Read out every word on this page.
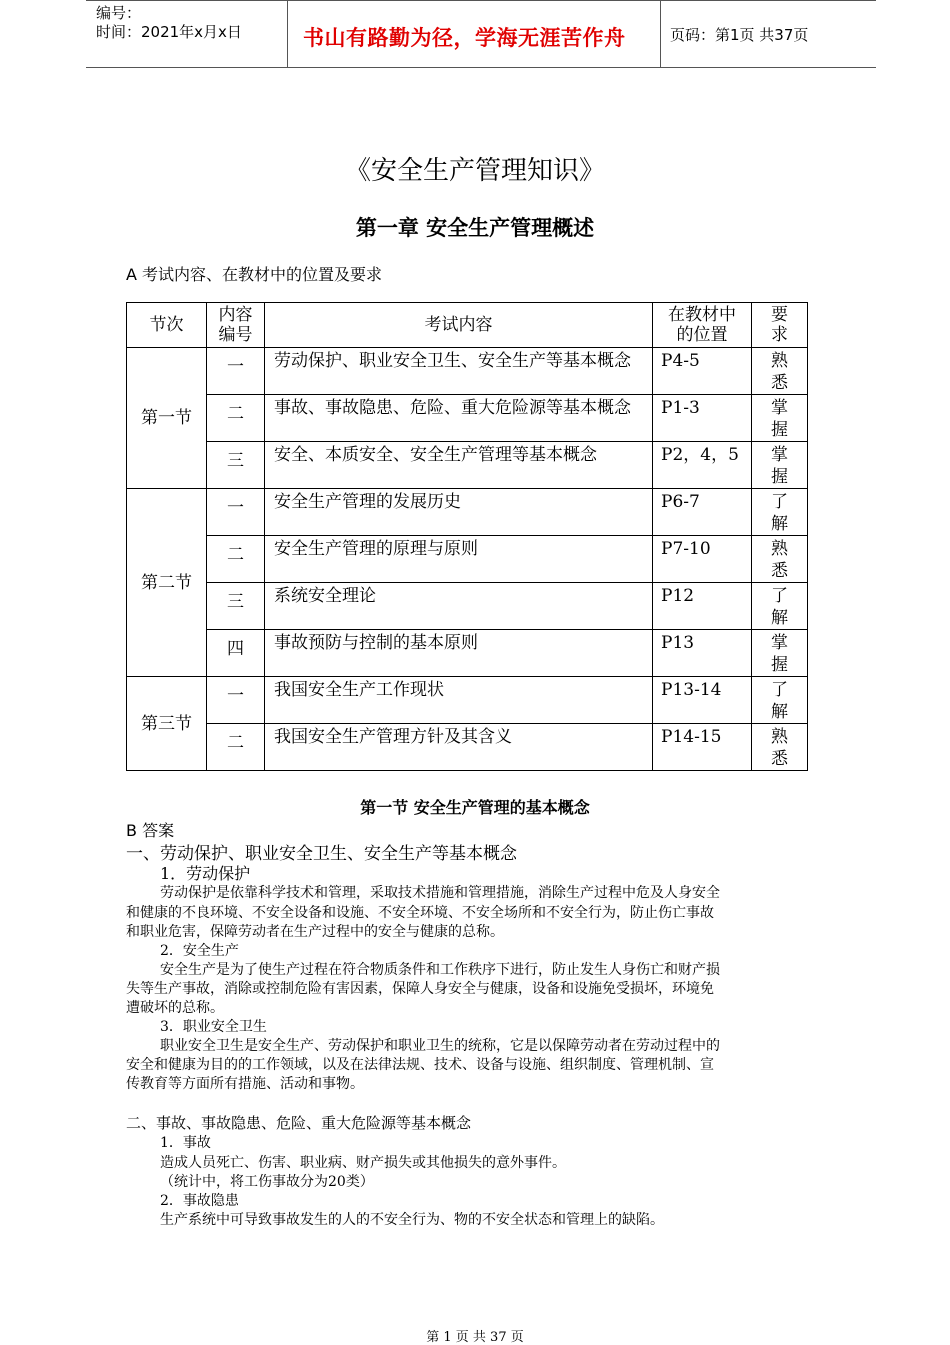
编号：
时间：2021年x月x日	书山有路勤为径，学海无涯苦作舟	页码：第1页 共37页
《安全生产管理知识》
第一章 安全生产管理概述
A 考试内容、在教材中的位置及要求
节次	内容编号	考试内容	在教材中的位置	要求

第一节	一	劳动保护、职业安全卫生、安全生产等基本概念	P4-5	熟悉

	二	事故、事故隐患、危险、重大危险源等基本概念	P1-3	掌握

	三	安全、本质安全、安全生产管理等基本概念	P2，4，5	掌握

第二节	一	安全生产管理的发展历史	P6-7	了解

	二	安全生产管理的原理与原则	P7-10	熟悉

	三	系统安全理论	P12	了解

	四	事故预防与控制的基本原则	P13	掌握

第三节	一	我国安全生产工作现状	P13-14	了解

	二	我国安全生产管理方针及其含义	P14-15	熟悉
第一节 安全生产管理的基本概念
B 答案
一、劳动保护、职业安全卫生、安全生产等基本概念
1．劳动保护
劳动保护是依靠科学技术和管理，采取技术措施和管理措施，消除生产过程中危及人身安全
和健康的不良环境、不安全设备和设施、不安全环境、不安全场所和不安全行为，防止伤亡事故
和职业危害，保障劳动者在生产过程中的安全与健康的总称。
2．安全生产
安全生产是为了使生产过程在符合物质条件和工作秩序下进行，防止发生人身伤亡和财产损
失等生产事故，消除或控制危险有害因素，保障人身安全与健康，设备和设施免受损坏，环境免
遭破坏的总称。
3．职业安全卫生
职业安全卫生是安全生产、劳动保护和职业卫生的统称，它是以保障劳动者在劳动过程中的
安全和健康为目的的工作领域，以及在法律法规、技术、设备与设施、组织制度、管理机制、宣
传教育等方面所有措施、活动和事物。
二、事故、事故隐患、危险、重大危险源等基本概念
1．事故
造成人员死亡、伤害、职业病、财产损失或其他损失的意外事件。
（统计中，将工伤事故分为20类）
2．事故隐患
生产系统中可导致事故发生的人的不安全行为、物的不安全状态和管理上的缺陷。
第 1 页 共 37 页
